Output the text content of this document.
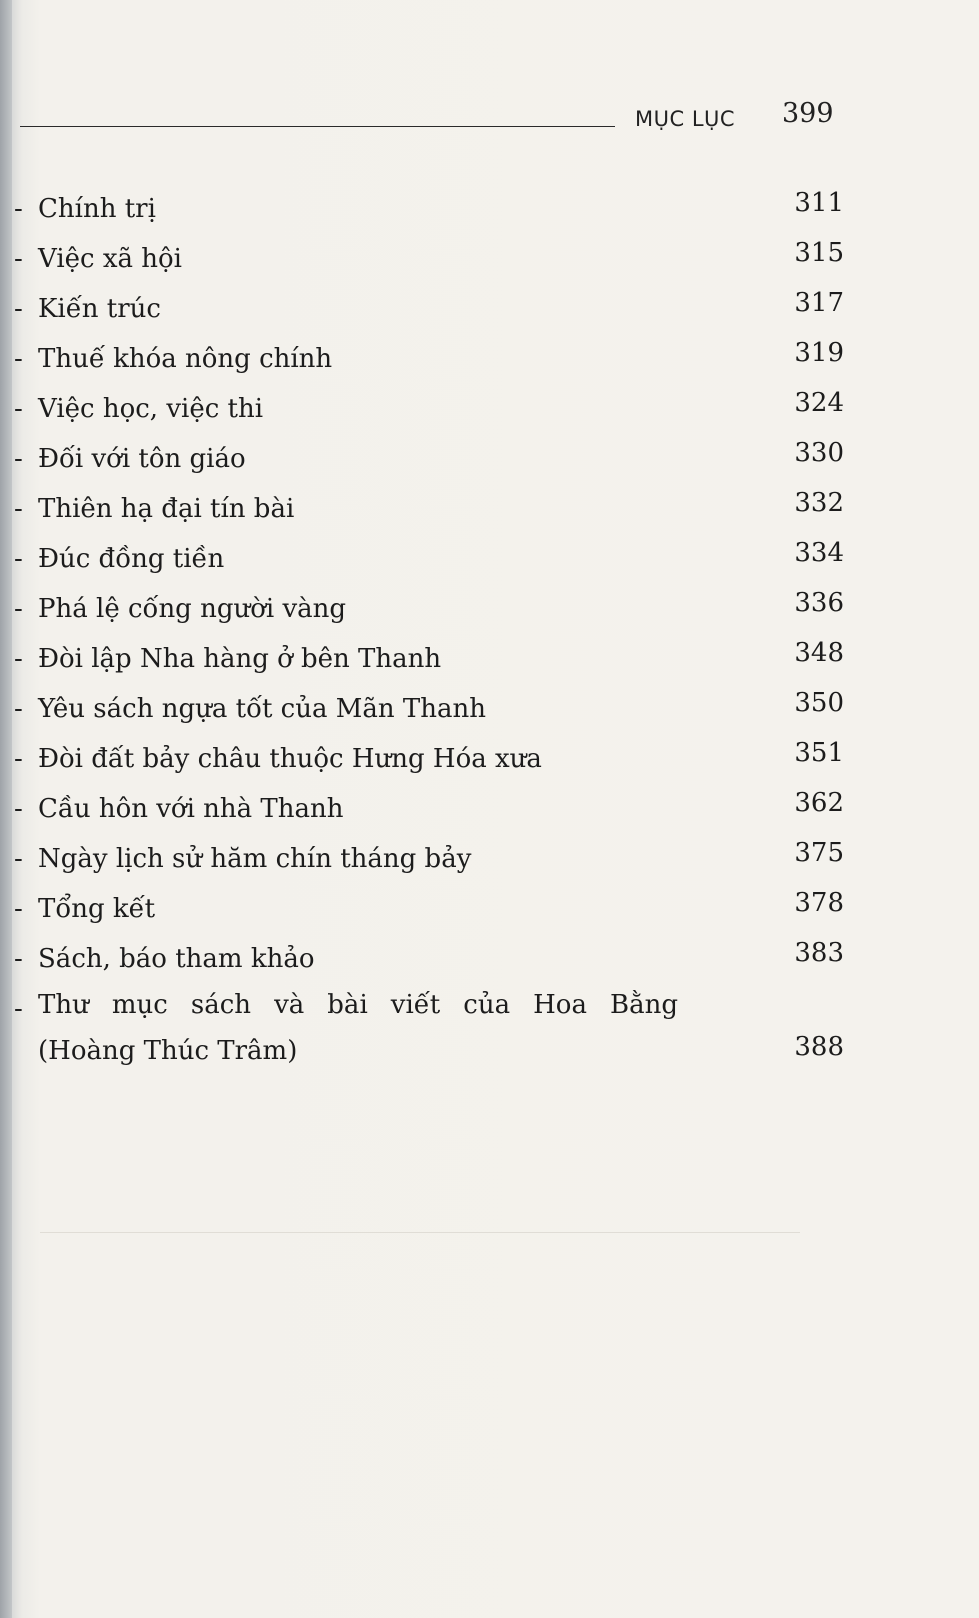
MỤC LỤC 399
- Chính trị	311
- Việc xã hội	315
- Kiến trúc	317
- Thuế khóa nông chính	319
- Việc học, việc thi	324
- Đối với tôn giáo	330
- Thiên hạ đại tín bài	332
- Đúc đồng tiền	334
- Phá lệ cống người vàng	336
- Đòi lập Nha hàng ở bên Thanh	348
- Yêu sách ngựa tốt của Mãn Thanh	350
- Đòi đất bảy châu thuộc Hưng Hóa xưa	351
- Cầu hôn với nhà Thanh	362
- Ngày lịch sử hăm chín tháng bảy	375
- Tổng kết	378
- Sách, báo tham khảo	383
- Thư mục sách và bài viết của Hoa Bằng
(Hoàng Thúc Trâm)	388
